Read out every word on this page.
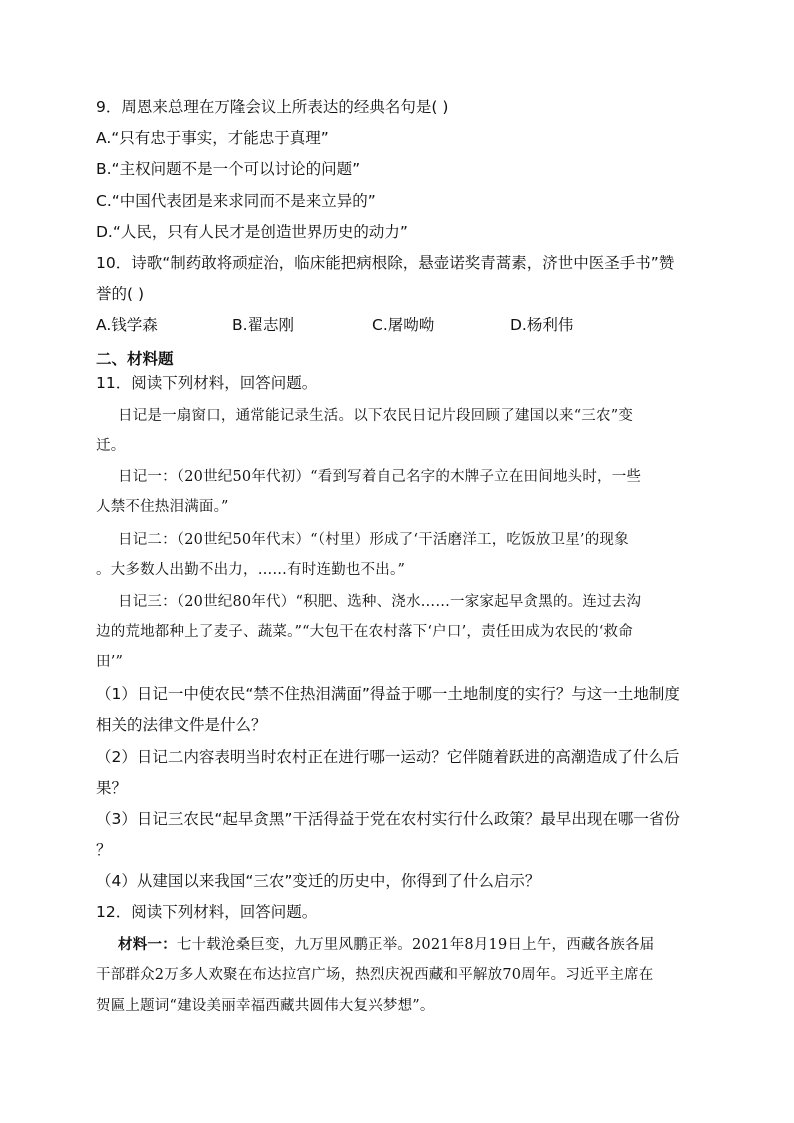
9．周恩来总理在万隆会议上所表达的经典名句是( )
A.“只有忠于事实，才能忠于真理”
B.“主权问题不是一个可以讨论的问题”
C.“中国代表团是来求同而不是来立异的”
D.“人民，只有人民才是创造世界历史的动力”
10．诗歌“制药敢将顽症治，临床能把病根除，悬壶诺奖青蒿素，济世中医圣手书”赞
誉的( )
A.钱学森	B.翟志刚	C.屠呦呦	D.杨利伟
二、材料题
11．阅读下列材料，回答问题。
日记是一扇窗口，通常能记录生活。以下农民日记片段回顾了建国以来“三农”变
迁。
日记一：（20世纪50年代初）“看到写着自己名字的木牌子立在田间地头时，一些
人禁不住热泪满面。”
日记二：（20世纪50年代末）“（村里）形成了‘干活磨洋工，吃饭放卫星’的现象
。大多数人出勤不出力，……有时连勤也不出。”
日记三：（20世纪80年代）“积肥、选种、浇水……一家家起早贪黑的。连过去沟
边的荒地都种上了麦子、蔬菜。”“大包干在农村落下‘户口’，责任田成为农民的‘救命
田’”
（1）日记一中使农民“禁不住热泪满面”得益于哪一土地制度的实行？与这一土地制度
相关的法律文件是什么？
（2）日记二内容表明当时农村正在进行哪一运动？它伴随着跃进的高潮造成了什么后
果？
（3）日记三农民“起早贪黑”干活得益于党在农村实行什么政策？最早出现在哪一省份
？
（4）从建国以来我国“三农”变迁的历史中，你得到了什么启示？
12．阅读下列材料，回答问题。
材料一：七十载沧桑巨变，九万里风鹏正举。2021年8月19日上午，西藏各族各届
干部群众2万多人欢聚在布达拉宫广场，热烈庆祝西藏和平解放70周年。习近平主席在
贺匾上题词“建设美丽幸福西藏共圆伟大复兴梦想”。
